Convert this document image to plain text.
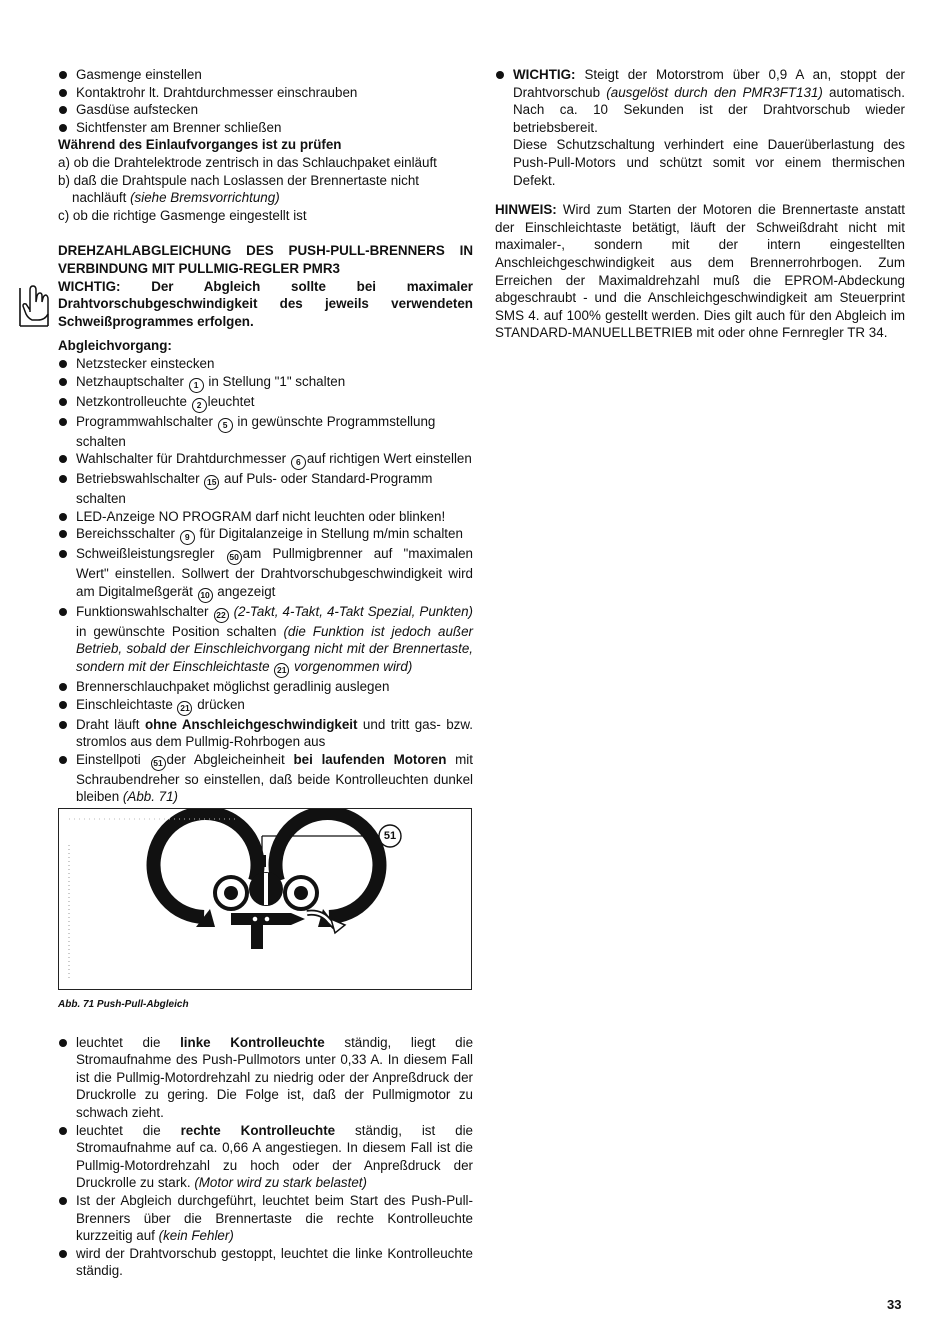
Gasmenge einstellen
Kontaktrohr lt. Drahtdurchmesser einschrauben
Gasdüse aufstecken
Sichtfenster am Brenner schließen

Während des Einlaufvorganges ist zu prüfen

a) ob die Drahtelektrode zentrisch in das Schlauchpaket einläuft
b) daß die Drahtspule nach Loslassen der Brennertaste nicht nachläuft (siehe Bremsvorrichtung)
c) ob die richtige Gasmenge eingestellt ist

DREHZAHLABGLEICHUNG DES PUSH-PULL-BRENNERS IN VERBINDUNG MIT PULLMIG-REGLER PMR3

WICHTIG: Der Abgleich sollte bei maximaler Drahtvorschubgeschwindigkeit des jeweils verwendeten Schweißprogrammes erfolgen.

Abgleichvorgang:

Netzstecker einstecken
Netzhauptschalter 1 in Stellung "1" schalten
Netzkontrolleuchte 2 leuchtet
Programmwahlschalter 5 in gewünschte Programmstellung schalten
Wahlschalter für Drahtdurchmesser 6 auf richtigen Wert einstellen
Betriebswahlschalter 15 auf Puls- oder Standard-Programm schalten
LED-Anzeige NO PROGRAM darf nicht leuchten oder blinken!
Bereichsschalter 9 für Digitalanzeige in Stellung m/min schalten
Schweißleistungsregler 50 am Pullmigbrenner auf "maximalen Wert" einstellen. Sollwert der Drahtvorschubgeschwindigkeit wird am Digitalmeßgerät 10 angezeigt
Funktionswahlschalter 22 (2-Takt, 4-Takt, 4-Takt Spezial, Punkten) in gewünschte Position schalten (die Funktion ist jedoch außer Betrieb, sobald der Einschleichvorgang nicht mit der Brennertaste, sondern mit der Einschleichtaste 21 vorgenommen wird)
Brennerschlauchpaket möglichst geradlinig auslegen
Einschleichtaste 21 drücken
Draht läuft ohne Anschleichgeschwindigkeit und tritt gas- bzw. stromlos aus dem Pullmig-Rohrbogen aus
Einstellpoti 51 der Abgleicheinheit bei laufenden Motoren mit Schraubendreher so einstellen, daß beide Kontrolleuchten dunkel bleiben (Abb. 71)
51

Abb. 71 Push-Pull-Abgleich

leuchtet die linke Kontrolleuchte ständig, liegt die Stromaufnahme des Push-Pullmotors unter 0,33 A. In diesem Fall ist die Pullmig-Motordrehzahl zu niedrig oder der Anpreßdruck der Druckrolle zu gering. Die Folge ist, daß der Pullmigmotor zu schwach zieht.
leuchtet die rechte Kontrolleuchte ständig, ist die Stromaufnahme auf ca. 0,66 A angestiegen. In diesem Fall ist die Pullmig-Motordrehzahl zu hoch oder der Anpreßdruck der Druckrolle zu stark. (Motor wird zu stark belastet)
Ist der Abgleich durchgeführt, leuchtet beim Start des Push-Pull-Brenners über die Brennertaste die rechte Kontrolleuchte kurzzeitig auf (kein Fehler)
wird der Drahtvorschub gestoppt, leuchtet die linke Kontrolleuchte ständig.
WICHTIG: Steigt der Motorstrom über 0,9 A an, stoppt der Drahtvorschub (ausgelöst durch den PMR3FT131) automatisch. Nach ca. 10 Sekunden ist der Drahtvorschub wieder betriebsbereit.

Diese Schutzschaltung verhindert eine Dauerüberlastung des Push-Pull-Motors und schützt somit vor einem thermischen Defekt.

HINWEIS: Wird zum Starten der Motoren die Brennertaste anstatt der Einschleichtaste betätigt, läuft der Schweißdraht nicht mit maximaler-, sondern mit der intern eingestellten Anschleichgeschwindigkeit aus dem Brennerrohrbogen. Zum Erreichen der Maximaldrehzahl muß die EPROM-Abdeckung abgeschraubt - und die Anschleichgeschwindigkeit am Steuerprint SMS 4. auf 100% gestellt werden. Dies gilt auch für den Abgleich im STANDARD-MANUELLBETRIEB mit oder ohne Fernregler TR 34.

33
